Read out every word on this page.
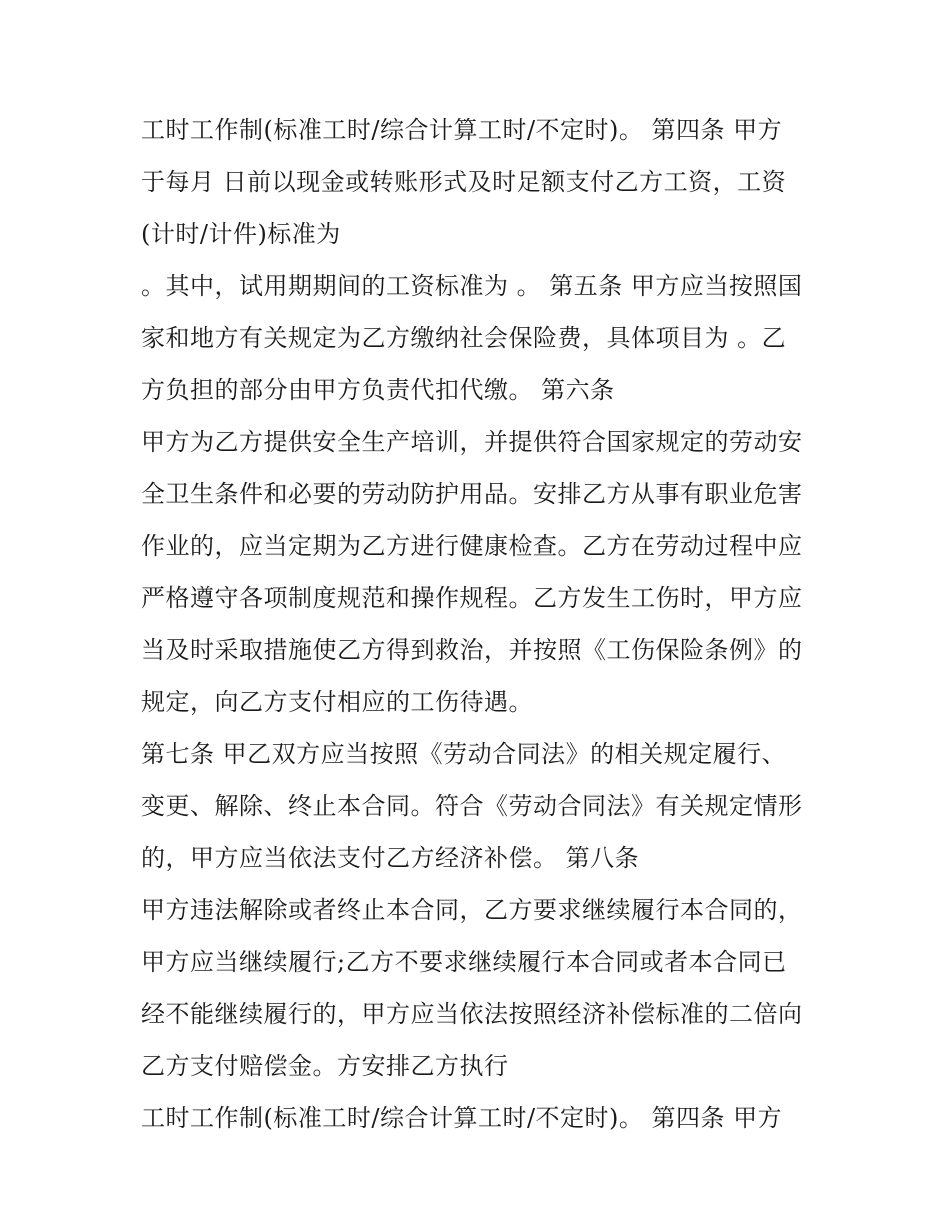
工时工作制(标准工时/综合计算工时/不定时)。 第四条 甲方
于每月 日前以现金或转账形式及时足额支付乙方工资，工资
(计时/计件)标准为
。其中，试用期期间的工资标准为 。 第五条 甲方应当按照国
家和地方有关规定为乙方缴纳社会保险费，具体项目为 。乙
方负担的部分由甲方负责代扣代缴。 第六条
甲方为乙方提供安全生产培训，并提供符合国家规定的劳动安
全卫生条件和必要的劳动防护用品。安排乙方从事有职业危害
作业的，应当定期为乙方进行健康检查。乙方在劳动过程中应
严格遵守各项制度规范和操作规程。乙方发生工伤时，甲方应
当及时采取措施使乙方得到救治，并按照《工伤保险条例》的
规定，向乙方支付相应的工伤待遇。
第七条 甲乙双方应当按照《劳动合同法》的相关规定履行、
变更、解除、终止本合同。符合《劳动合同法》有关规定情形
的，甲方应当依法支付乙方经济补偿。 第八条
甲方违法解除或者终止本合同，乙方要求继续履行本合同的，
甲方应当继续履行;乙方不要求继续履行本合同或者本合同已
经不能继续履行的，甲方应当依法按照经济补偿标准的二倍向
乙方支付赔偿金。方安排乙方执行
工时工作制(标准工时/综合计算工时/不定时)。 第四条 甲方
